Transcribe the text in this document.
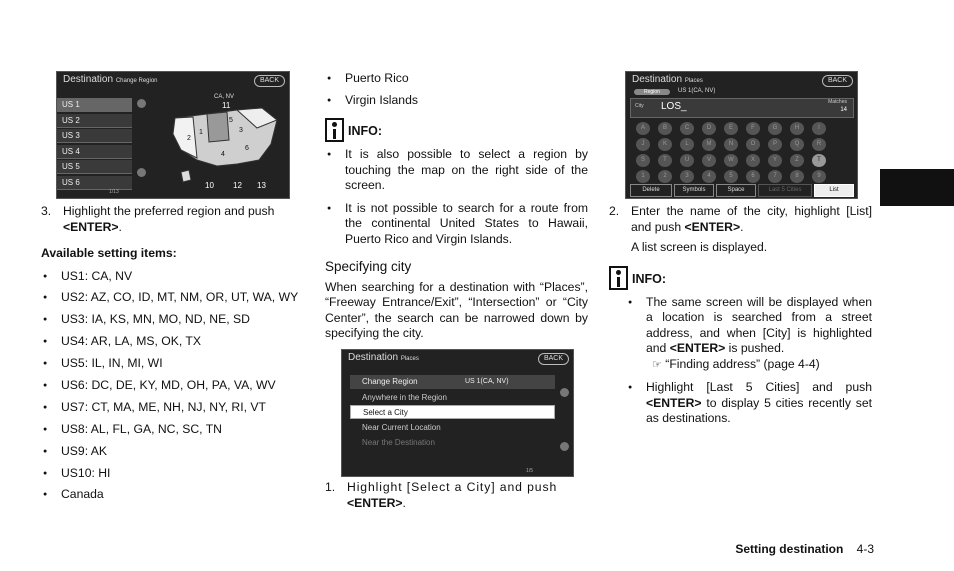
Destination Change Region	BACK
US 1
US 2
US 3
US 4
US 5
US 6
1/13
CA, NV
1
5
3
2
4
6
10 12 13
11
3. Highlight the preferred region and push <ENTER>.
Available setting items:
● US1: CA, NV
● US2: AZ, CO, ID, MT, NM, OR, UT, WA, WY
● US3: IA, KS, MN, MO, ND, NE, SD
● US4: AR, LA, MS, OK, TX
● US5: IL, IN, MI, WI
● US6: DC, DE, KY, MD, OH, PA, VA, WV
● US7: CT, MA, ME, NH, NJ, NY, RI, VT
● US8: AL, FL, GA, NC, SC, TN
● US9: AK
● US10: HI
● Canada
● Puerto Rico
● Virgin Islands
INFO:
● It is also possible to select a region by touching the map on the right side of the screen.
● It is not possible to search for a route from the continental United States to Hawaii, Puerto Rico and Virgin Islands.
Specifying city
When searching for a destination with “Places”, “Freeway Entrance/Exit”, “Intersection” or “City Center”, the search can be narrowed down by specifying the city.
Destination Places	BACK
Change Region	US 1(CA, NV)
Anywhere in the Region
Select a City
Near Current Location
Near the Destination
1/5
1. Highlight [Select a City] and push <ENTER>.
Destination Places	BACK
Region	US 1(CA, NV)
City LOS_	Matches
14
A	B	C	D	E	F	G	H	I
J	K	L	M	N	O	P	Q	R
S	T	U	V	W	X	Y	Z	T
1	2	3	4	5	6	7	8	9
Delete	Symbols	Space	Last 5 Cities	List
2. Enter the name of the city, highlight [List] and push <ENTER>.
A list screen is displayed.
INFO:
● The same screen will be displayed when a location is searched from a street address, and when [City] is highlighted and <ENTER> is pushed.
☞ “Finding address” (page 4-4)
● Highlight [Last 5 Cities] and push <ENTER> to display 5 cities recently set as destinations.
Setting destination 4-3
